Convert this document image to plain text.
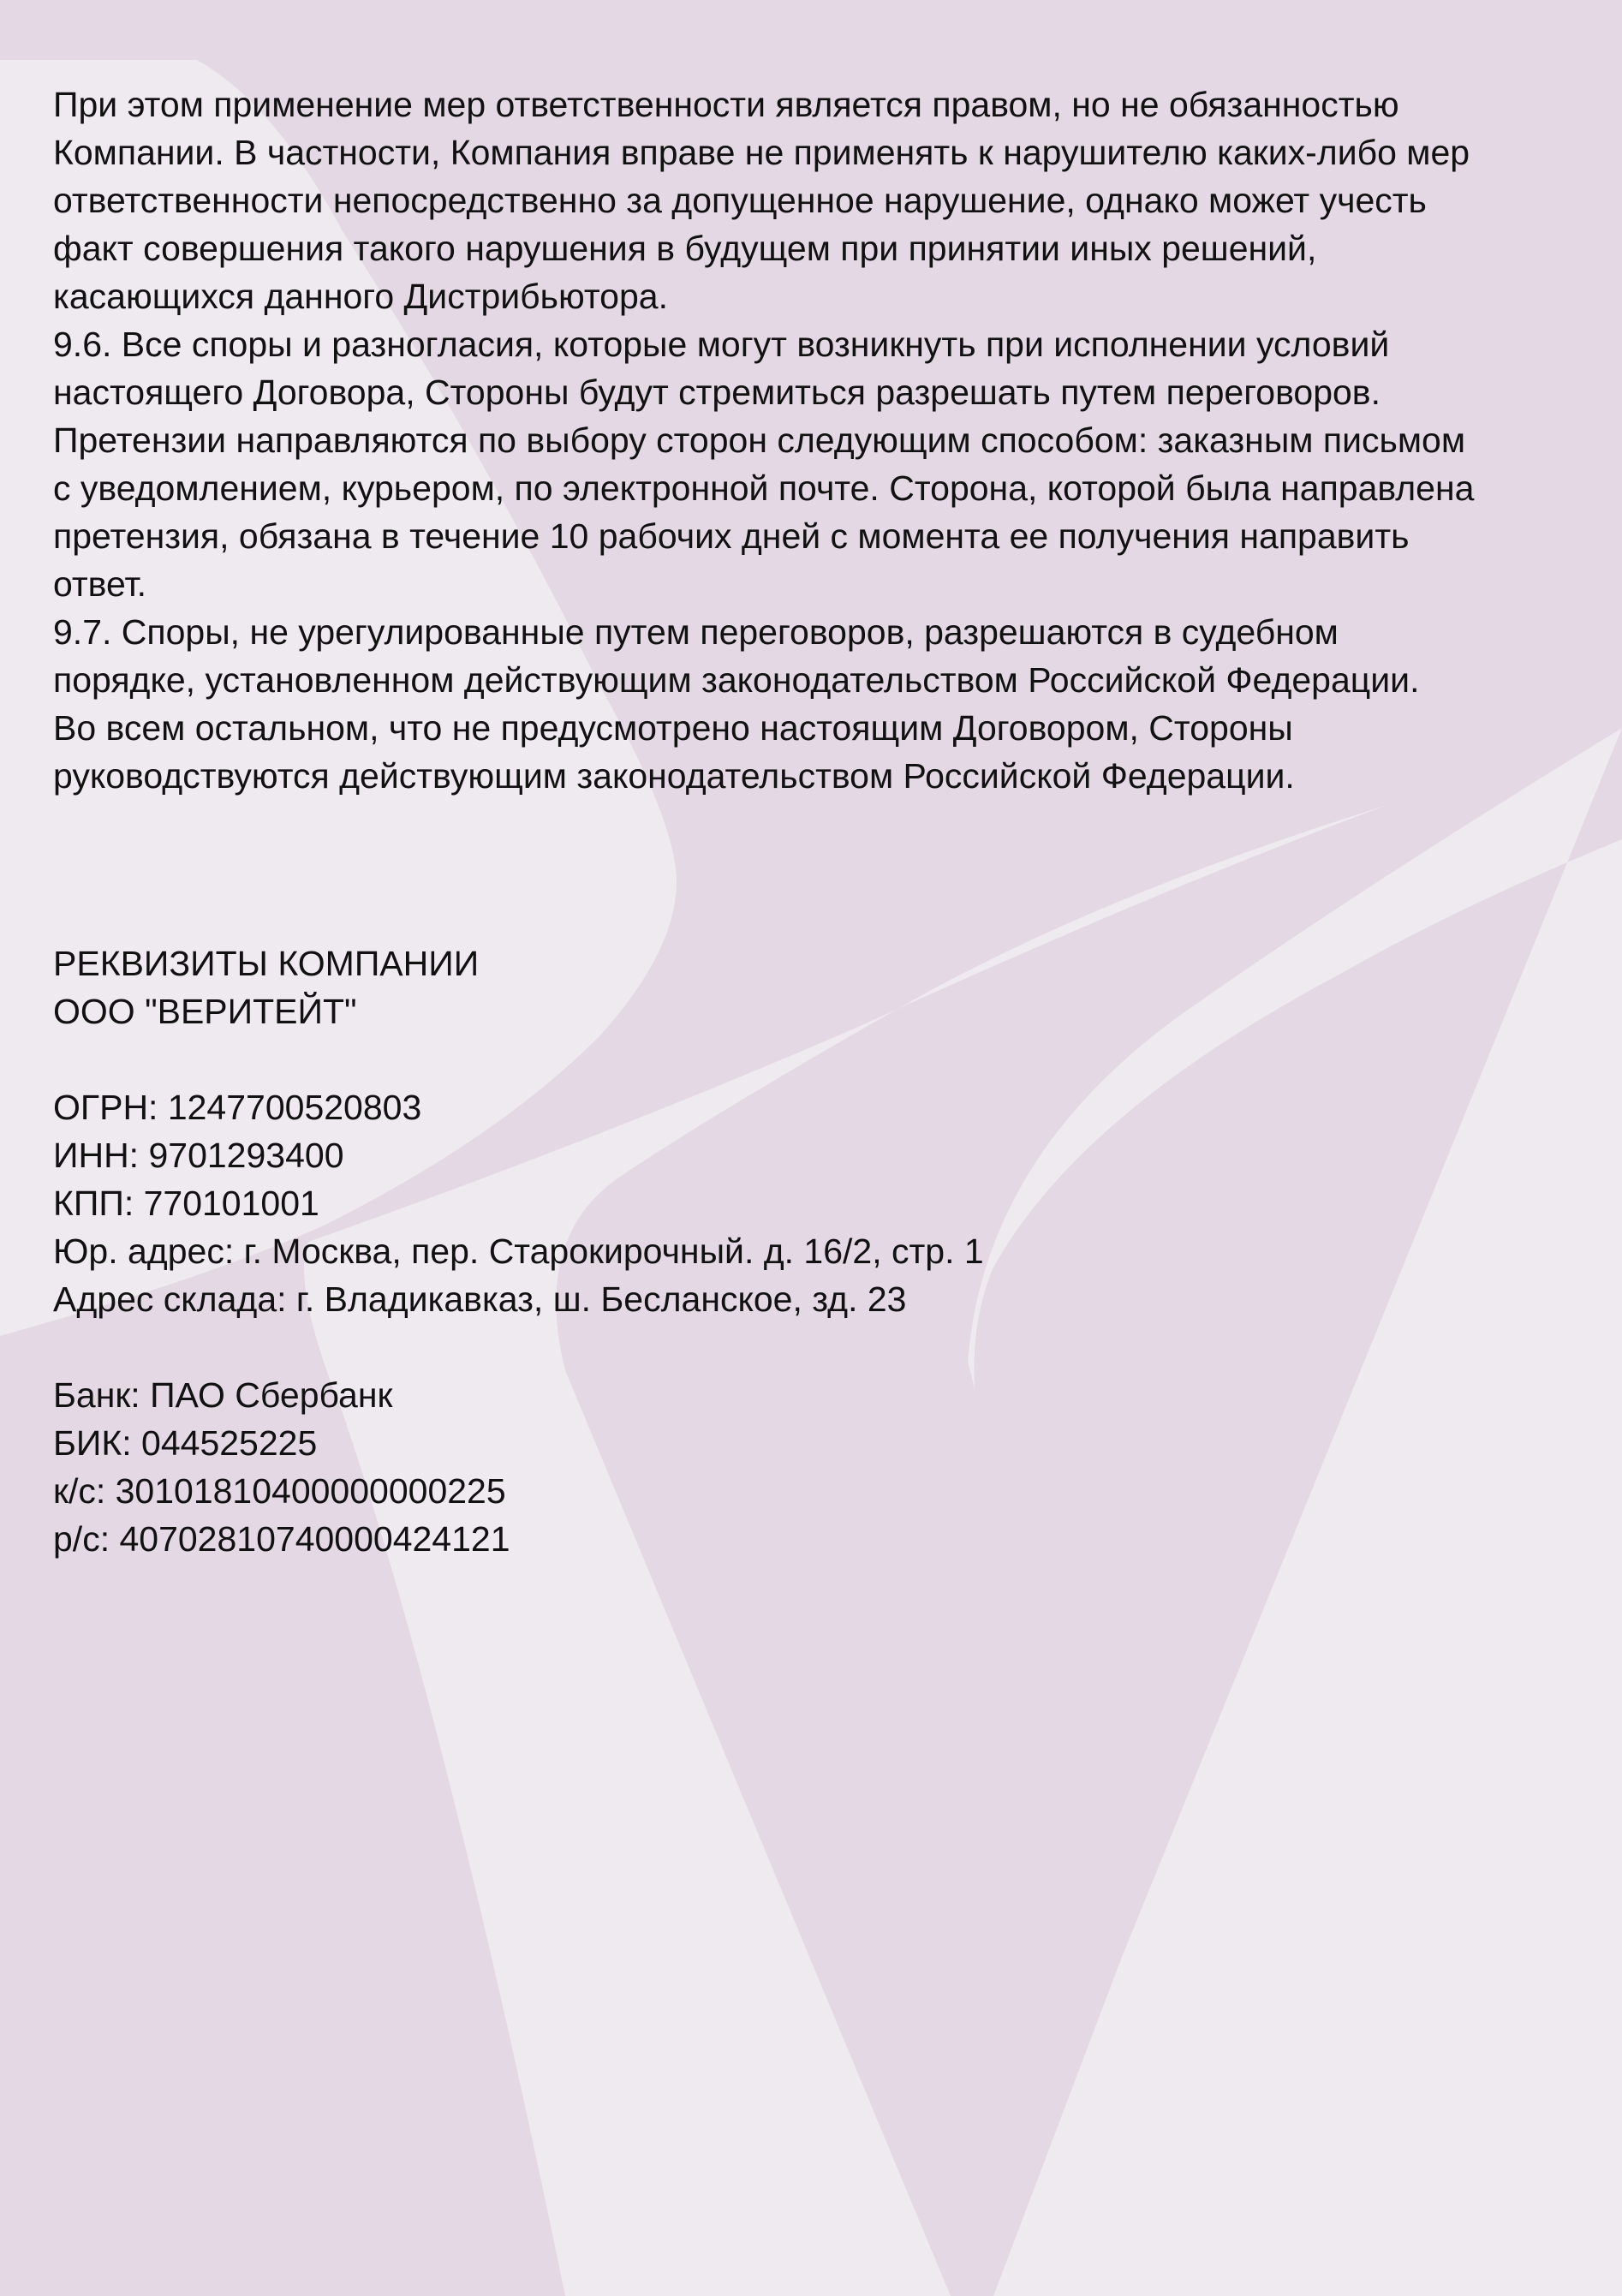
При этом применение мер ответственности является правом, но не обязанностью
Компании. В частности, Компания вправе не применять к нарушителю каких-либо мер
ответственности непосредственно за допущенное нарушение, однако может учесть
факт совершения такого нарушения в будущем при принятии иных решений,
касающихся данного Дистрибьютора.
9.6. Все споры и разногласия, которые могут возникнуть при исполнении условий
настоящего Договора, Стороны будут стремиться разрешать путем переговоров.
Претензии направляются по выбору сторон следующим способом: заказным письмом
с уведомлением, курьером, по электронной почте. Сторона, которой была направлена
претензия, обязана в течение 10 рабочих дней с момента ее получения направить
ответ.
9.7. Споры, не урегулированные путем переговоров, разрешаются в судебном
порядке, установленном действующим законодательством Российской Федерации.
Во всем остальном, что не предусмотрено настоящим Договором, Стороны
руководствуются действующим законодательством Российской Федерации.
РЕКВИЗИТЫ КОМПАНИИ
ООО "ВЕРИТЕЙТ"
ОГРН: 1247700520803
ИНН: 9701293400
КПП: 770101001
Юр. адрес: г. Москва, пер. Старокирочный. д. 16/2, стр. 1
Адрес склада: г. Владикавказ, ш. Бесланское, зд. 23
Банк: ПАО Сбербанк
БИК: 044525225
к/с: 30101810400000000225
р/с: 40702810740000424121
